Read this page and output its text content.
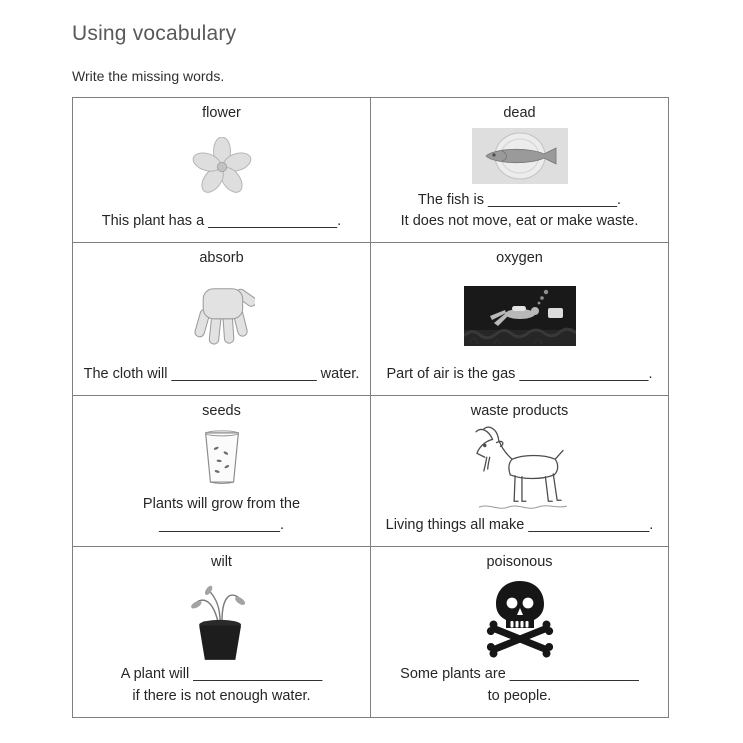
Using vocabulary
Write the missing words.
flower
This plant has a ________________.

dead
The fish is ________________.
It does not move, eat or make waste.

absorb
The cloth will __________________ water.

oxygen
Part of air is the gas ________________.

seeds
Plants will grow from the
_______________.

waste products
Living things all make _______________.

wilt
A plant will ________________
if there is not enough water.

poisonous
Some plants are ________________
to people.
